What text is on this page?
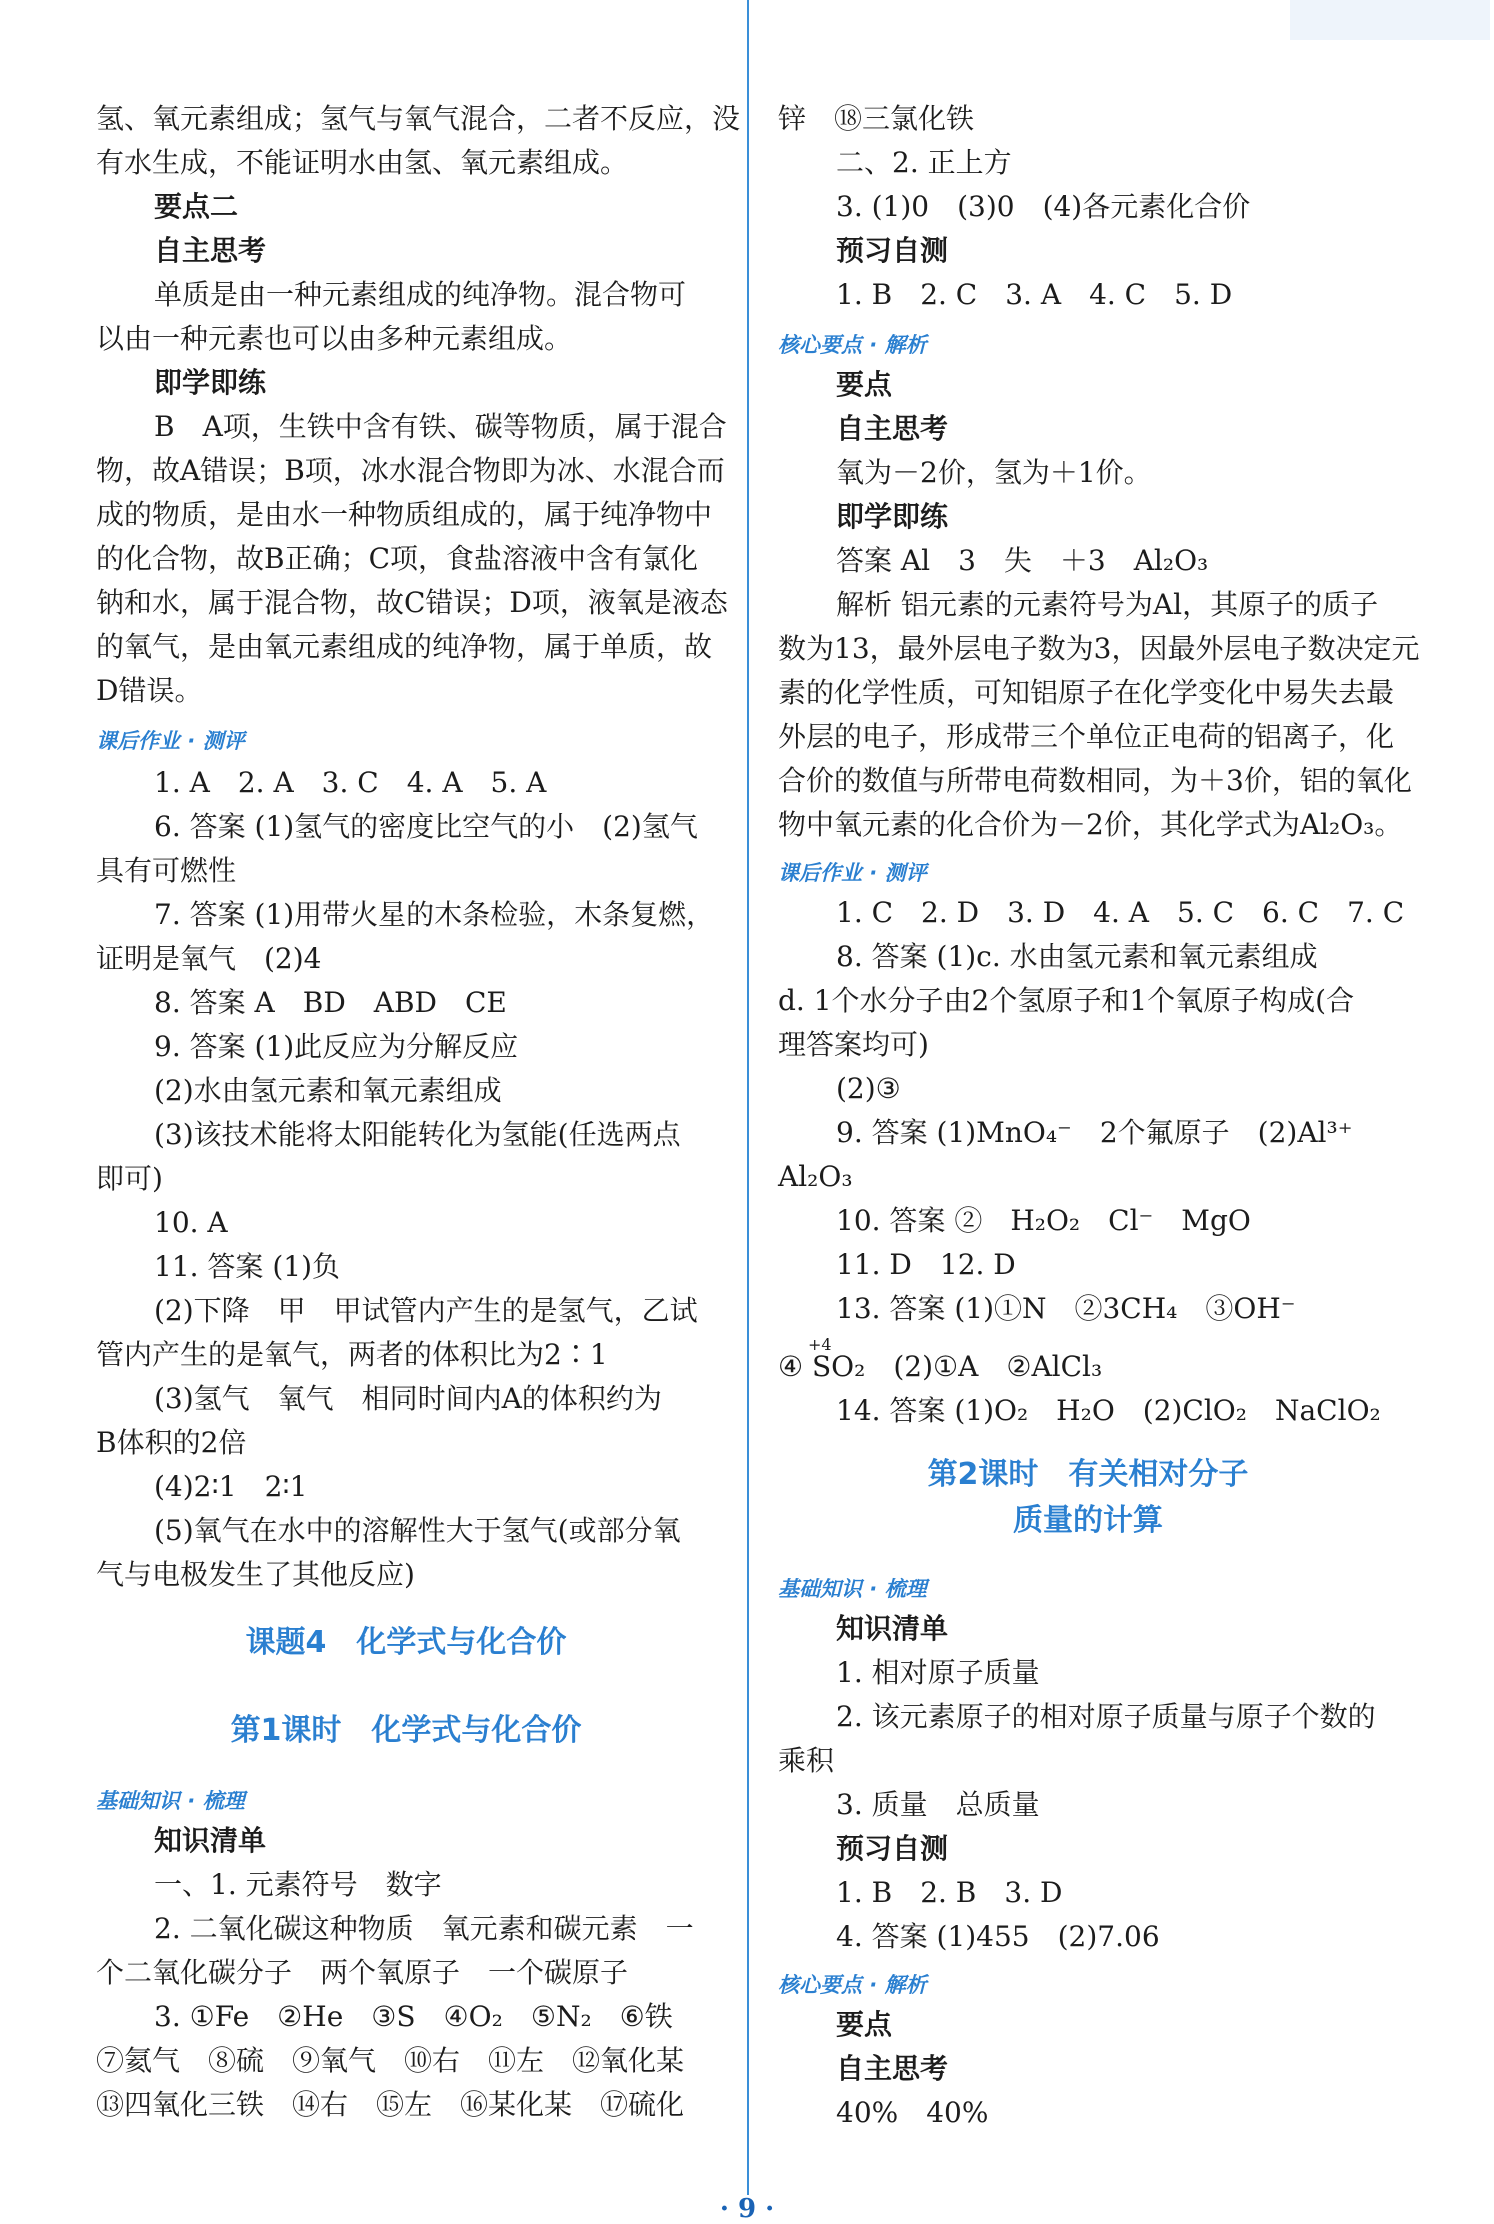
氢、氧元素组成；氢气与氧气混合，二者不反应，没
有水生成，不能证明水由氢、氧元素组成。
要点二
自主思考
单质是由一种元素组成的纯净物。混合物可
以由一种元素也可以由多种元素组成。
即学即练
B　A项，生铁中含有铁、碳等物质，属于混合
物，故A错误；B项，冰水混合物即为冰、水混合而
成的物质，是由水一种物质组成的，属于纯净物中
的化合物，故B正确；C项，食盐溶液中含有氯化
钠和水，属于混合物，故C错误；D项，液氧是液态
的氧气，是由氧元素组成的纯净物，属于单质，故
D错误。
课后作业 · 测评
1. A　2. A　3. C　4. A　5. A
6. 答案 (1)氢气的密度比空气的小　(2)氢气
具有可燃性
7. 答案 (1)用带火星的木条检验，木条复燃，
证明是氧气　(2)4
8. 答案 A　BD　ABD　CE
9. 答案 (1)此反应为分解反应
(2)水由氢元素和氧元素组成
(3)该技术能将太阳能转化为氢能(任选两点
即可)
10. A
11. 答案 (1)负
(2)下降　甲　甲试管内产生的是氢气，乙试
管内产生的是氧气，两者的体积比为2∶1
(3)氢气　氧气　相同时间内A的体积约为
B体积的2倍
(4)2∶1　2∶1
(5)氧气在水中的溶解性大于氢气(或部分氧
气与电极发生了其他反应)
课题4　化学式与化合价
第1课时　化学式与化合价
基础知识 · 梳理
知识清单
一、1. 元素符号　数字
2. 二氧化碳这种物质　氧元素和碳元素　一
个二氧化碳分子　两个氧原子　一个碳原子
3. ①Fe　②He　③S　④O₂　⑤N₂　⑥铁
⑦氦气　⑧硫　⑨氧气　⑩右　⑪左　⑫氧化某
⑬四氧化三铁　⑭右　⑮左　⑯某化某　⑰硫化
锌　⑱三氯化铁
二、2. 正上方
3. (1)0　(3)0　(4)各元素化合价
预习自测
1. B　2. C　3. A　4. C　5. D
核心要点 · 解析
要点
自主思考
氧为－2价，氢为＋1价。
即学即练
答案 Al　3　失　＋3　Al₂O₃
解析 铝元素的元素符号为Al，其原子的质子
数为13，最外层电子数为3，因最外层电子数决定元
素的化学性质，可知铝原子在化学变化中易失去最
外层的电子，形成带三个单位正电荷的铝离子，化
合价的数值与所带电荷数相同，为＋3价，铝的氧化
物中氧元素的化合价为－2价，其化学式为Al₂O₃。
课后作业 · 测评
1. C　2. D　3. D　4. A　5. C　6. C　7. C
8. 答案 (1)c. 水由氢元素和氧元素组成
d. 1个水分子由2个氢原子和1个氧原子构成(合
理答案均可)
(2)③
9. 答案 (1)MnO₄⁻　2个氟原子　(2)Al³⁺
Al₂O₃
10. 答案 ②　H₂O₂　Cl⁻　MgO
11. D　12. D
13. 答案 (1)①N　②3CH₄　③OH⁻
④ SO₂　(2)①A　②AlCl₃
14. 答案 (1)O₂　H₂O　(2)ClO₂　NaClO₂
第2课时　有关相对分子
质量的计算
基础知识 · 梳理
知识清单
1. 相对原子质量
2. 该元素原子的相对原子质量与原子个数的
乘积
3. 质量　总质量
预习自测
1. B　2. B　3. D
4. 答案 (1)455　(2)7.06
核心要点 · 解析
要点
自主思考
40%　40%
+4
· 9 ·
